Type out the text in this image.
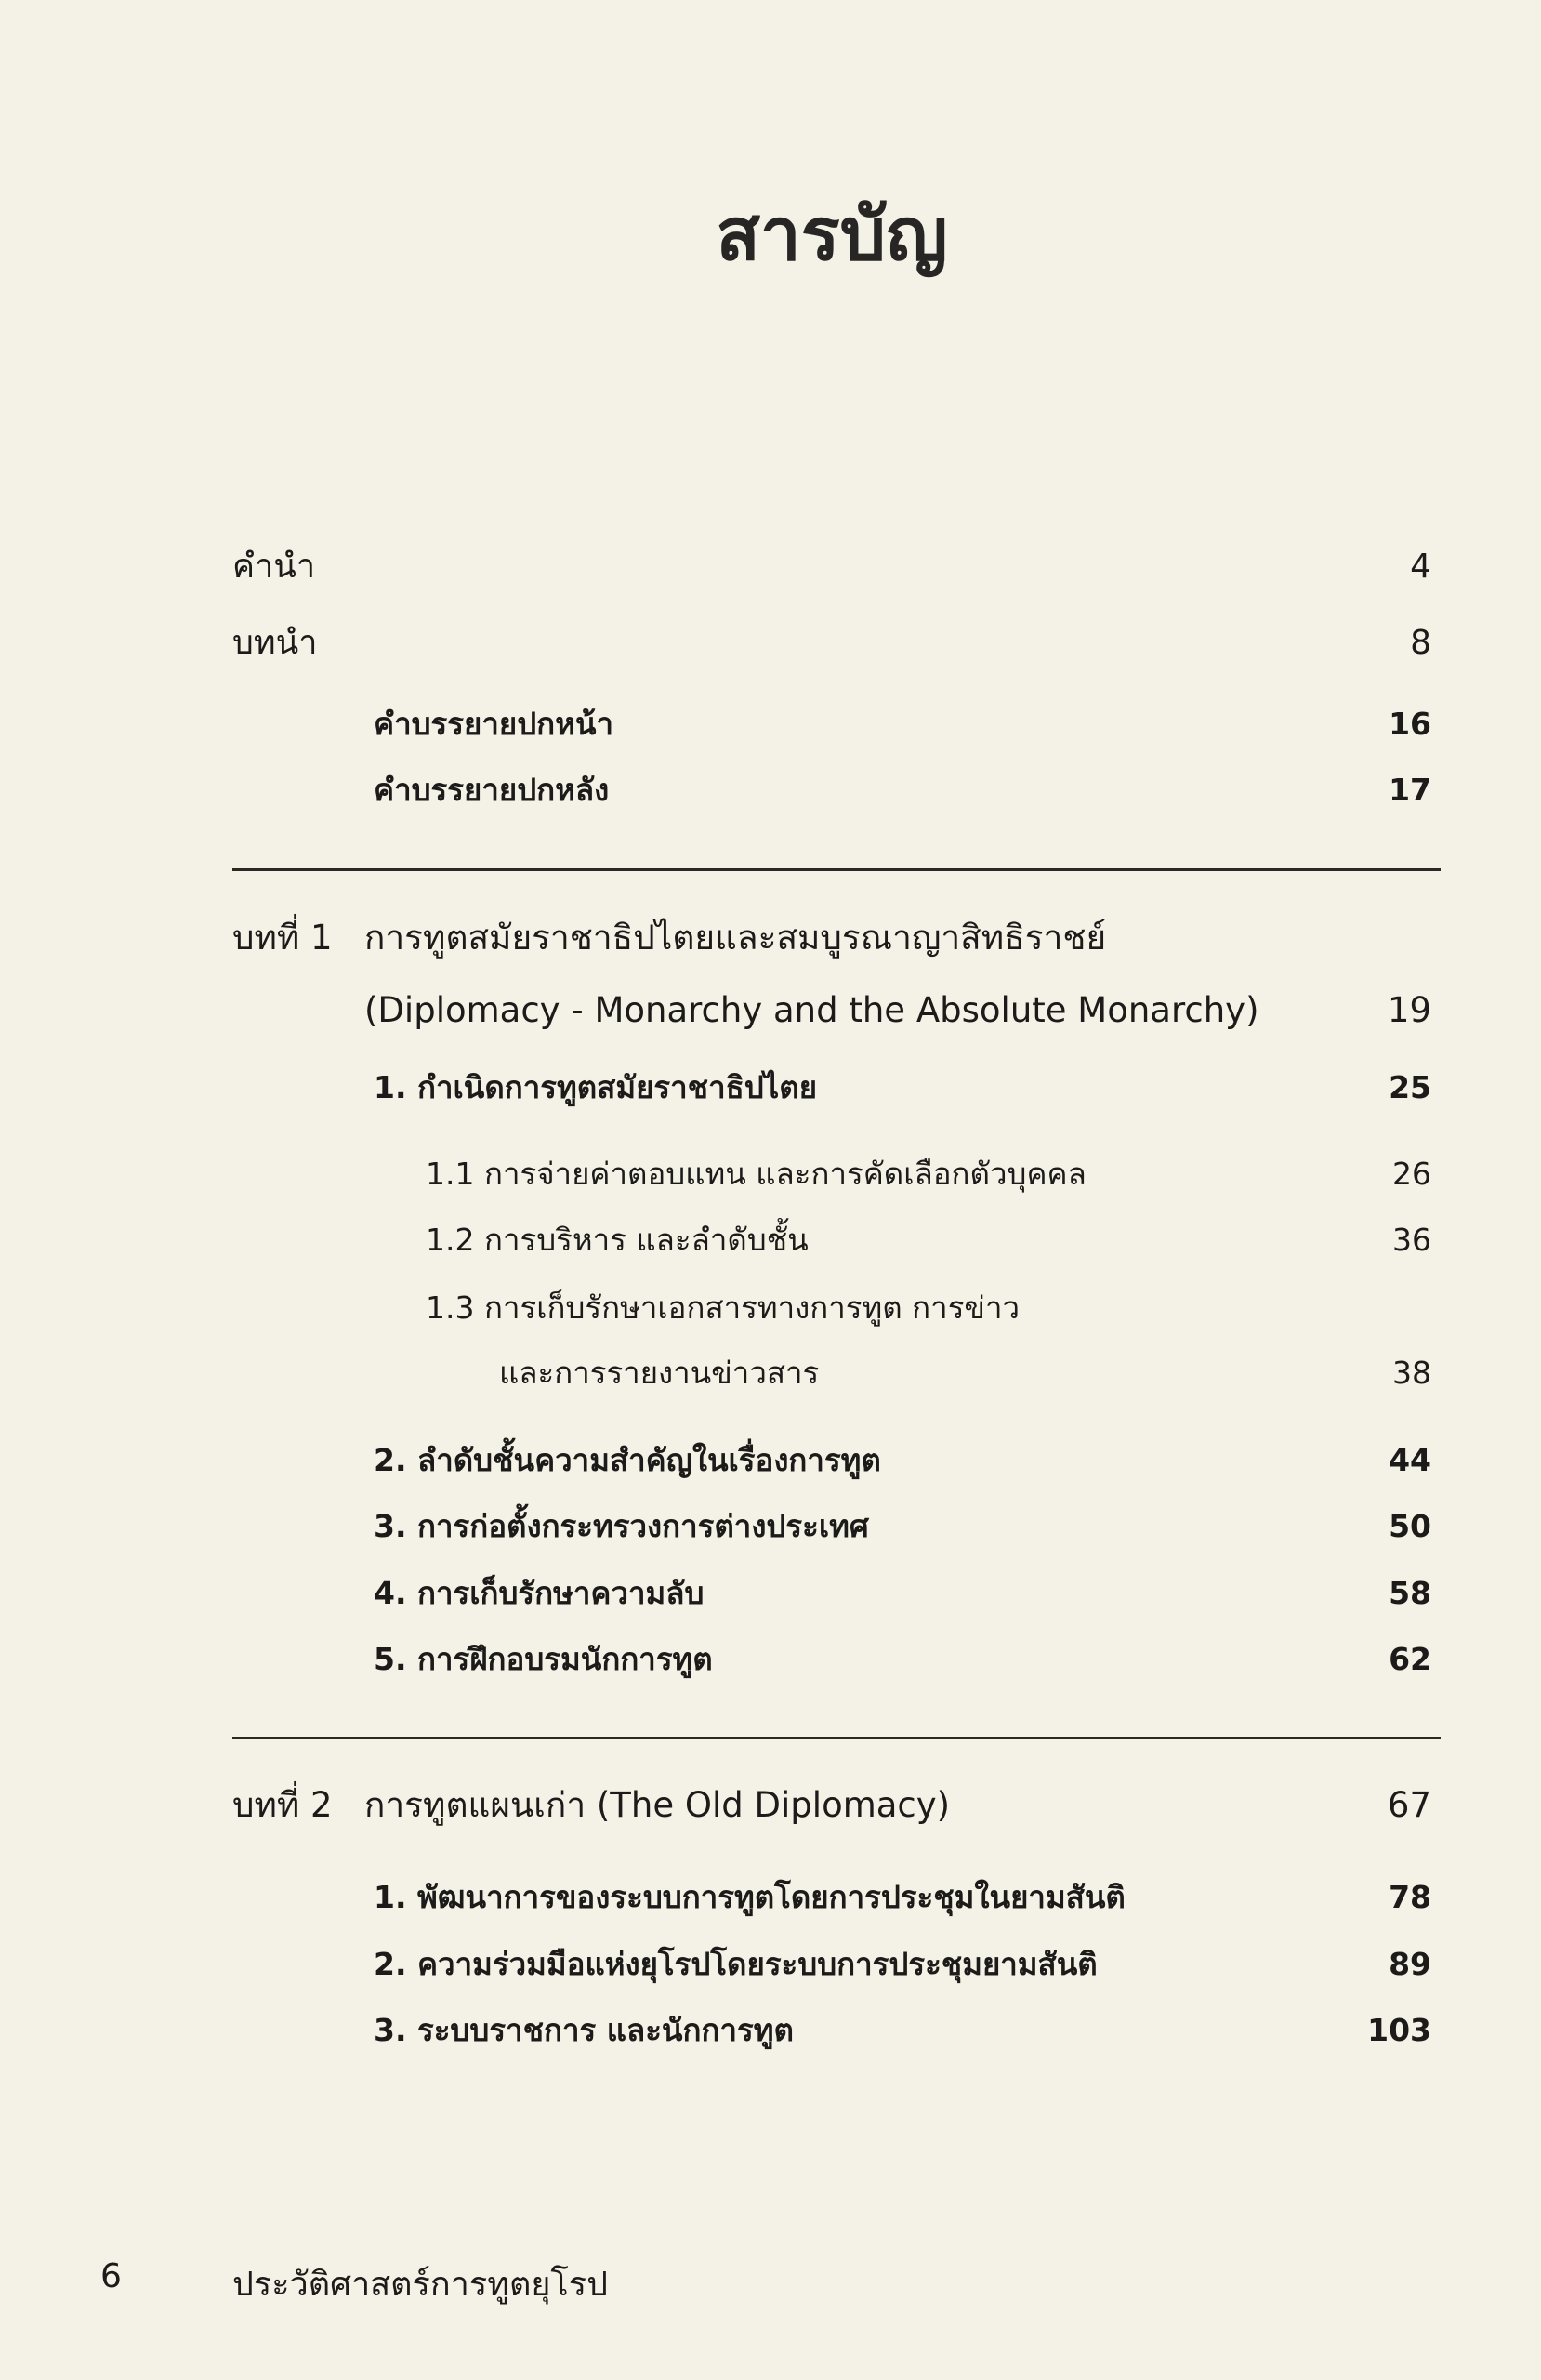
สารบัญ
คำนำ	4
บทนำ	8
คำบรรยายปกหน้า	16
คำบรรยายปกหลัง	17
บทที่ 1 การทูตสมัยราชาธิปไตยและสมบูรณาญาสิทธิราชย์
(Diplomacy - Monarchy and the Absolute Monarchy)	19
1. กำเนิดการทูตสมัยราชาธิปไตย	25
1.1 การจ่ายค่าตอบแทน และการคัดเลือกตัวบุคคล	26
1.2 การบริหาร และลำดับชั้น	36
1.3 การเก็บรักษาเอกสารทางการทูต การข่าว
และการรายงานข่าวสาร	38
2. ลำดับชั้นความสำคัญในเรื่องการทูต	44
3. การก่อตั้งกระทรวงการต่างประเทศ	50
4. การเก็บรักษาความลับ	58
5. การฝึกอบรมนักการทูต	62
บทที่ 2 การทูตแผนเก่า (The Old Diplomacy)	67
1. พัฒนาการของระบบการทูตโดยการประชุมในยามสันติ	78
2. ความร่วมมือแห่งยุโรปโดยระบบการประชุมยามสันติ	89
3. ระบบราชการ และนักการทูต	103
6	ประวัติศาสตร์การทูตยุโรป
